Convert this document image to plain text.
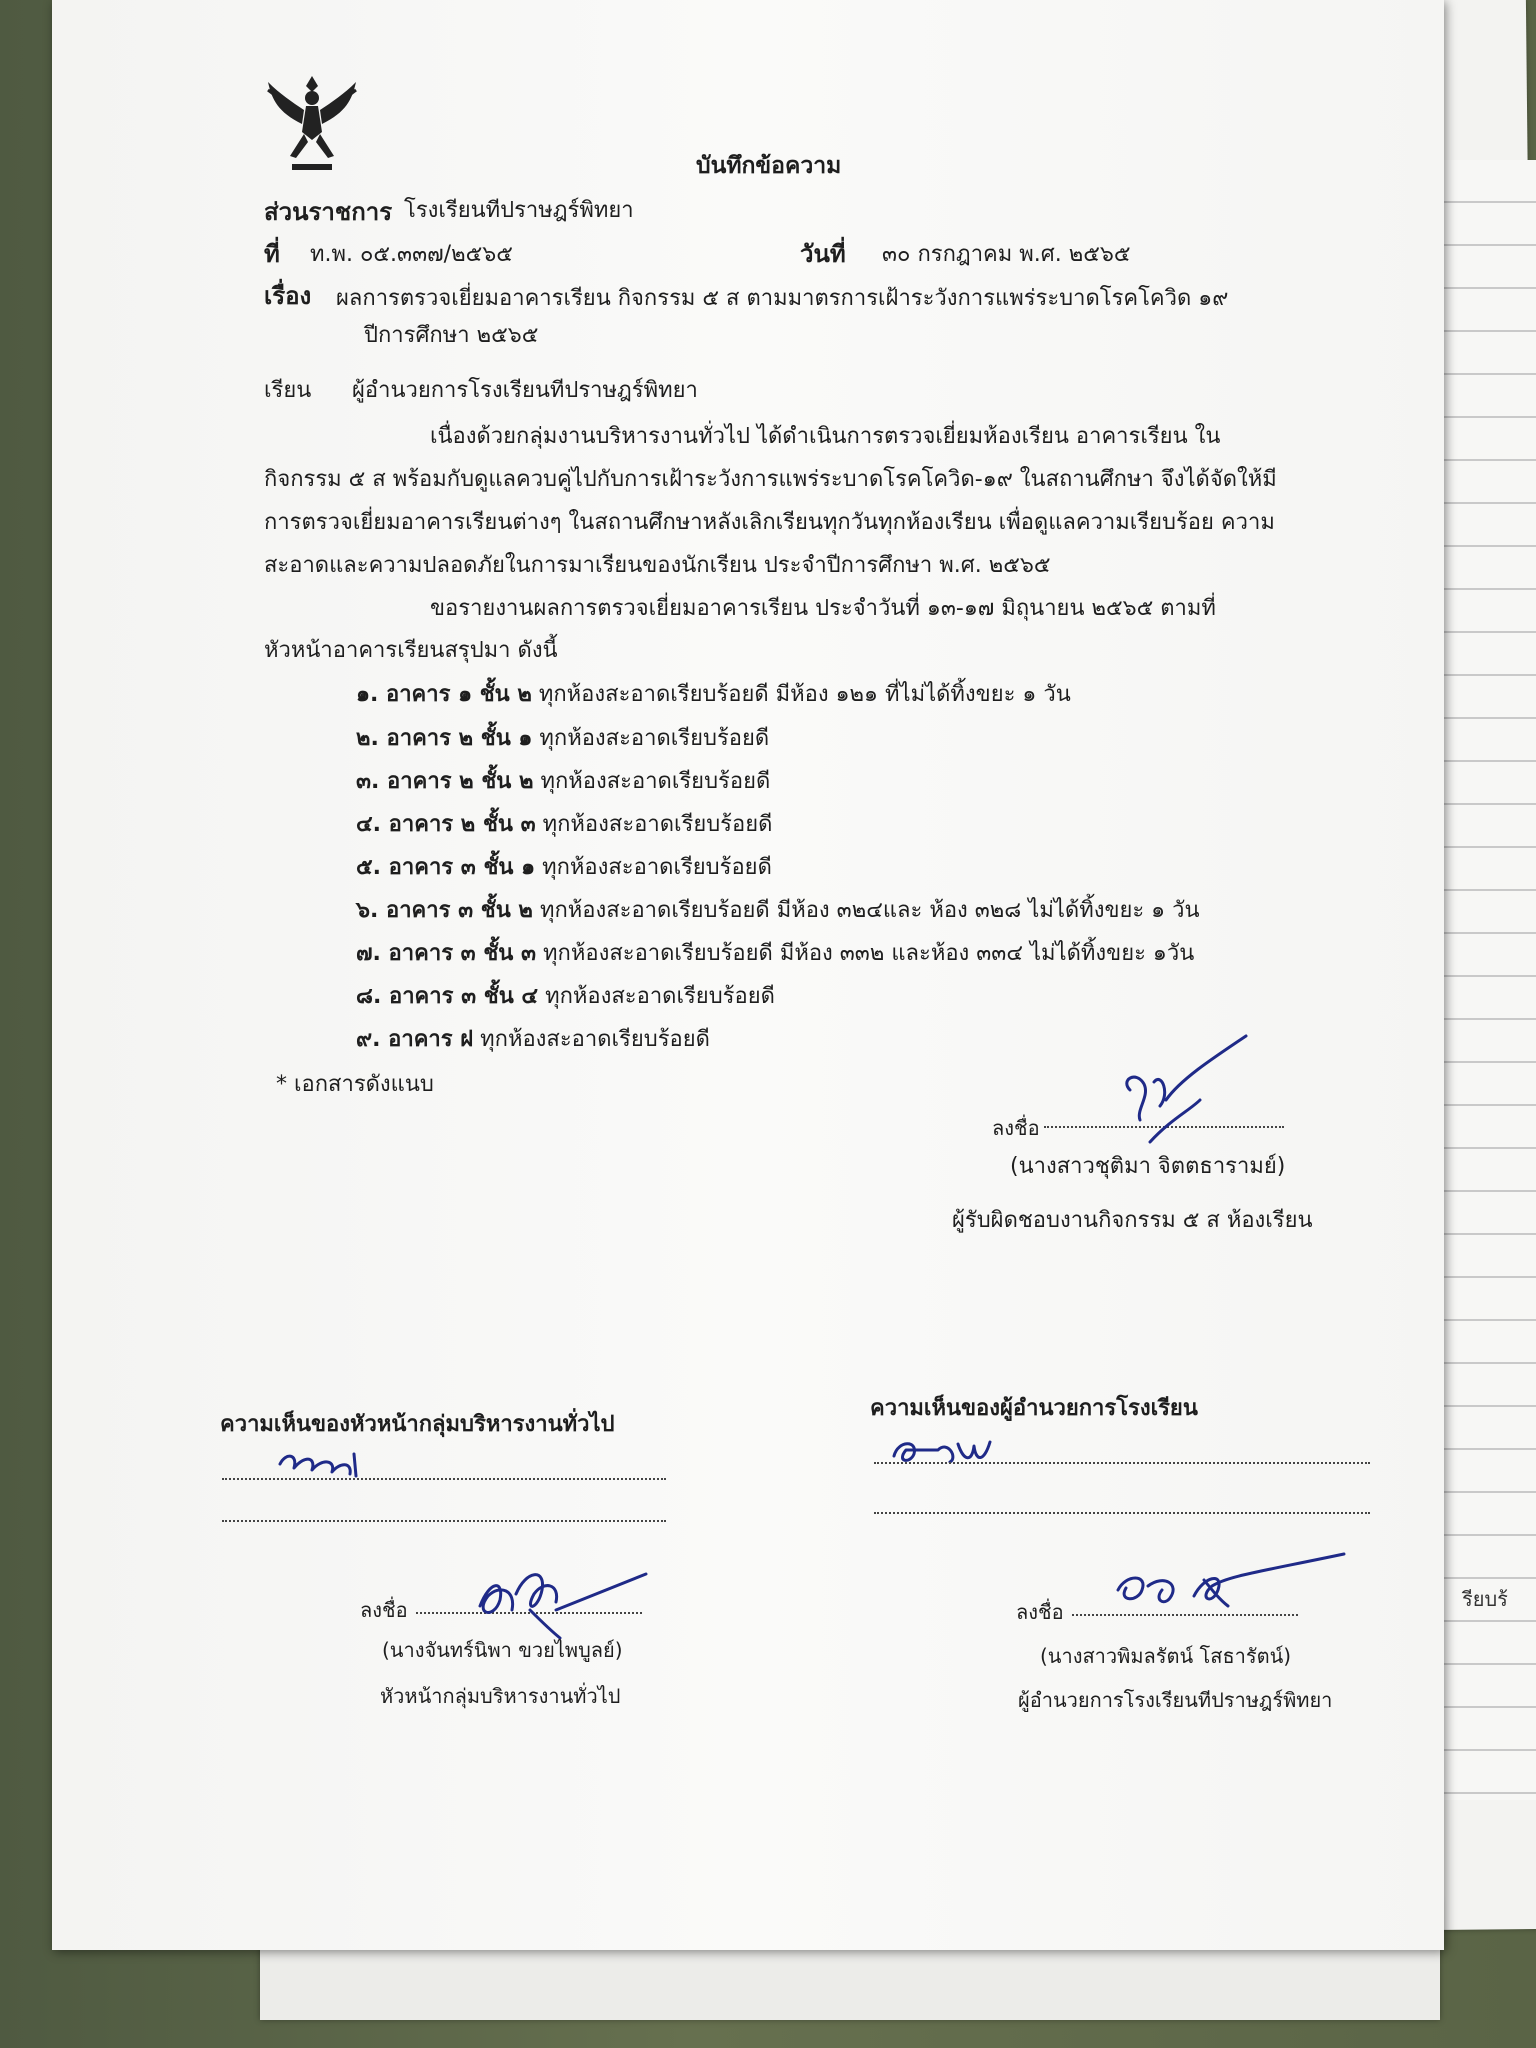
รียบร้
บันทึกข้อความ
ส่วนราชการ โรงเรียนทีปราษฎร์พิทยา
ที่ ท.พ. ๐๕.๓๓๗/๒๕๖๕	วันที่ ๓๐ กรกฎาคม พ.ศ. ๒๕๖๕
เรื่อง ผลการตรวจเยี่ยมอาคารเรียน กิจกรรม ๕ ส ตามมาตรการเฝ้าระวังการแพร่ระบาดโรคโควิด ๑๙
ปีการศึกษา ๒๕๖๕
เรียน ผู้อำนวยการโรงเรียนทีปราษฎร์พิทยา
เนื่องด้วยกลุ่มงานบริหารงานทั่วไป ได้ดำเนินการตรวจเยี่ยมห้องเรียน อาคารเรียน ใน
กิจกรรม ๕ ส พร้อมกับดูแลควบคู่ไปกับการเฝ้าระวังการแพร่ระบาดโรคโควิด-๑๙ ในสถานศึกษา จึงได้จัดให้มี
การตรวจเยี่ยมอาคารเรียนต่างๆ ในสถานศึกษาหลังเลิกเรียนทุกวันทุกห้องเรียน เพื่อดูแลความเรียบร้อย ความ
สะอาดและความปลอดภัยในการมาเรียนของนักเรียน ประจำปีการศึกษา พ.ศ. ๒๕๖๕
ขอรายงานผลการตรวจเยี่ยมอาคารเรียน ประจำวันที่ ๑๓-๑๗ มิถุนายน ๒๕๖๕ ตามที่
หัวหน้าอาคารเรียนสรุปมา ดังนี้
๑. อาคาร ๑ ชั้น ๒ ทุกห้องสะอาดเรียบร้อยดี มีห้อง ๑๒๑ ที่ไม่ได้ทิ้งขยะ ๑ วัน
๒. อาคาร ๒ ชั้น ๑ ทุกห้องสะอาดเรียบร้อยดี
๓. อาคาร ๒ ชั้น ๒ ทุกห้องสะอาดเรียบร้อยดี
๔. อาคาร ๒ ชั้น ๓ ทุกห้องสะอาดเรียบร้อยดี
๕. อาคาร ๓ ชั้น ๑ ทุกห้องสะอาดเรียบร้อยดี
๖. อาคาร ๓ ชั้น ๒ ทุกห้องสะอาดเรียบร้อยดี มีห้อง ๓๒๔และ ห้อง ๓๒๘ ไม่ได้ทิ้งขยะ ๑ วัน
๗. อาคาร ๓ ชั้น ๓ ทุกห้องสะอาดเรียบร้อยดี มีห้อง ๓๓๒ และห้อง ๓๓๔ ไม่ได้ทิ้งขยะ ๑วัน
๘. อาคาร ๓ ชั้น ๔ ทุกห้องสะอาดเรียบร้อยดี
๙. อาคาร ฝ ทุกห้องสะอาดเรียบร้อยดี
* เอกสารดังแนบ
ลงชื่อ
(นางสาวชุติมา จิตตธารามย์)
ผู้รับผิดชอบงานกิจกรรม ๕ ส ห้องเรียน
ความเห็นของหัวหน้ากลุ่มบริหารงานทั่วไป
ลงชื่อ
(นางจันทร์นิพา ขวยไพบูลย์)
หัวหน้ากลุ่มบริหารงานทั่วไป
ความเห็นของผู้อำนวยการโรงเรียน
ลงชื่อ
(นางสาวพิมลรัตน์ โสธารัตน์)
ผู้อำนวยการโรงเรียนทีปราษฎร์พิทยา
